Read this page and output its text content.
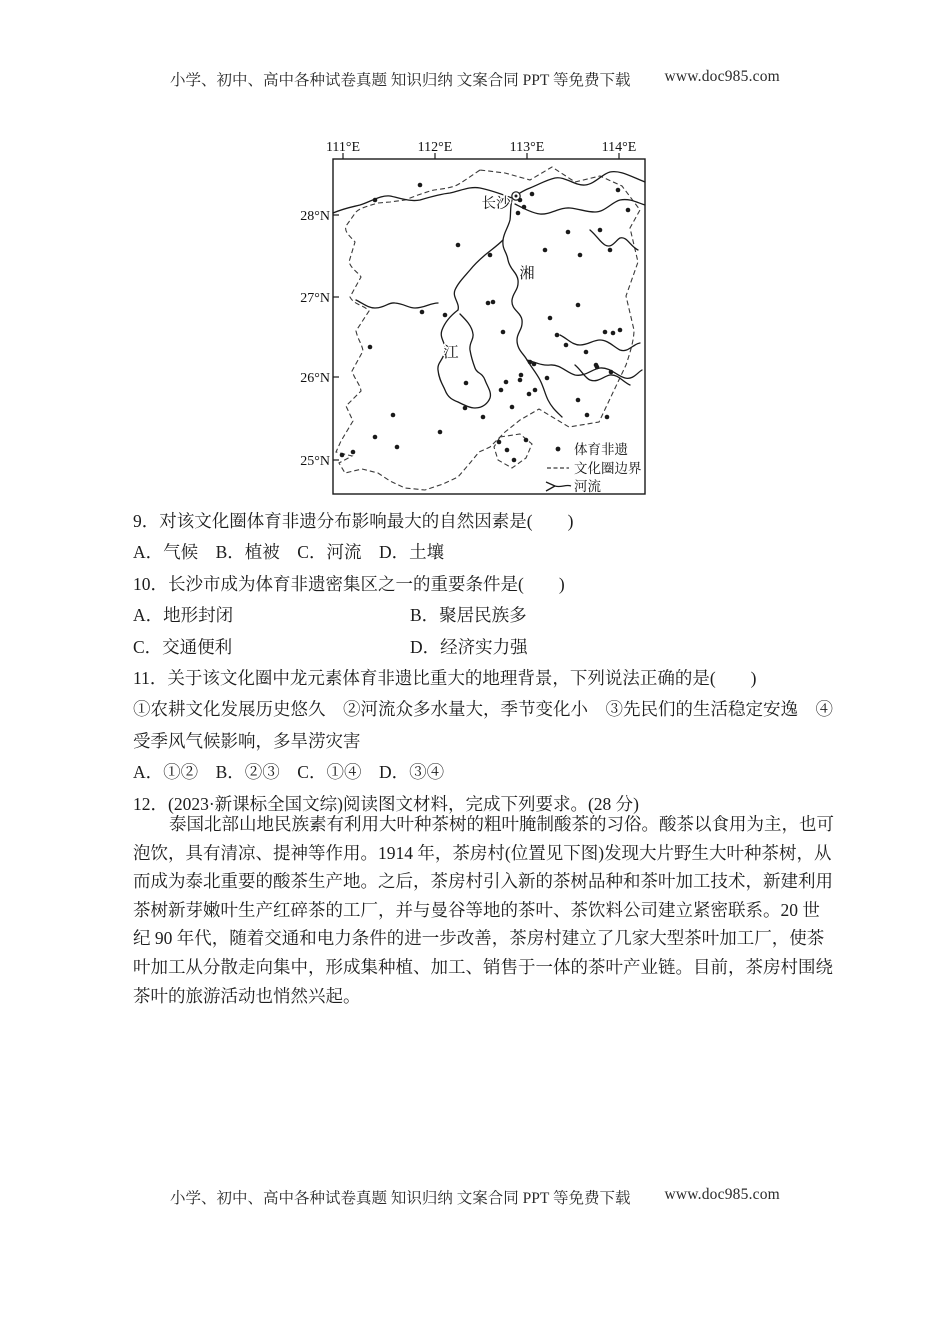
小学、初中、高中各种试卷真题 知识归纳 文案合同 PPT 等免费下载 www.doc985.com
111°E	112°E	113°E	114°E
28°N
27°N
26°N
25°N
长沙
湘
江
体育非遗
文化圈边界
河流
9．对该文化圈体育非遗分布影响最大的自然因素是(　　)
A．气候　B．植被　C．河流　D．土壤
10．长沙市成为体育非遗密集区之一的重要条件是(　　)
A．地形封闭	B．聚居民族多
C．交通便利	D．经济实力强
11．关于该文化圈中龙元素体育非遗比重大的地理背景，下列说法正确的是(　　)
①农耕文化发展历史悠久　②河流众多水量大，季节变化小　③先民们的生活稳定安逸　④
受季风气候影响，多旱涝灾害
A．①②　B．②③　C．①④　D．③④
12．(2023·新课标全国文综)阅读图文材料，完成下列要求。(28 分)
泰国北部山地民族素有利用大叶种茶树的粗叶腌制酸茶的习俗。酸茶以食用为主，也可
泡饮，具有清凉、提神等作用。1914 年，茶房村(位置见下图)发现大片野生大叶种茶树，从
而成为泰北重要的酸茶生产地。之后，茶房村引入新的茶树品种和茶叶加工技术，新建利用
茶树新芽嫩叶生产红碎茶的工厂，并与曼谷等地的茶叶、茶饮料公司建立紧密联系。20 世
纪 90 年代，随着交通和电力条件的进一步改善，茶房村建立了几家大型茶叶加工厂，使茶
叶加工从分散走向集中，形成集种植、加工、销售于一体的茶叶产业链。目前，茶房村围绕
茶叶的旅游活动也悄然兴起。
小学、初中、高中各种试卷真题 知识归纳 文案合同 PPT 等免费下载 www.doc985.com
